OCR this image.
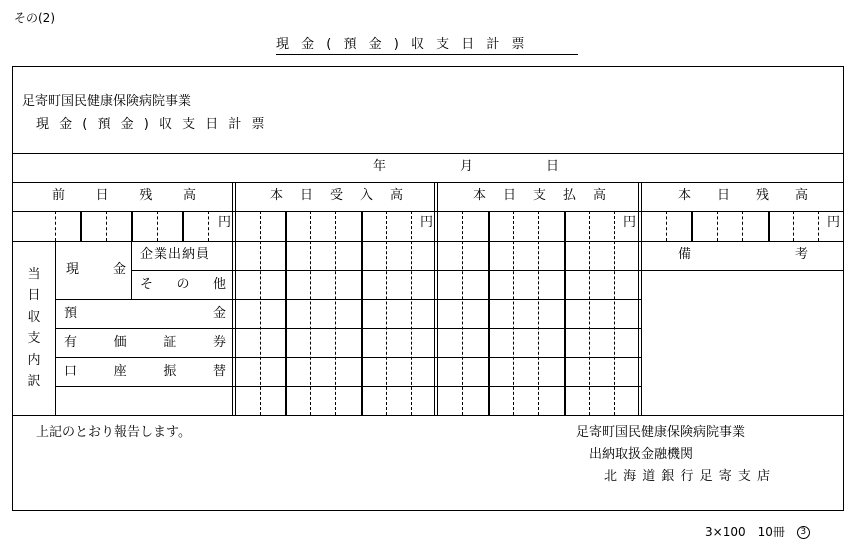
その(2)
現 金 ( 預 金 ) 収 支 日 計 票
足寄町国民健康保険病院事業
現 金 ( 預 金 ) 収 支 日 計 票
年	月	日
前 日 残 高	本 日 受 入 高	本 日 支 払 高	本 日 残 高
円	円	円	円
当
日
収
支
内
訳
現	金
企業出納員
そ の 他
預	金
有	価	証	券
口	座	振	替
備	考
上記のとおり報告します。	足寄町国民健康保険病院事業
出納取扱金融機関
北 海 道 銀 行 足 寄 支 店
3×100　10冊 3
